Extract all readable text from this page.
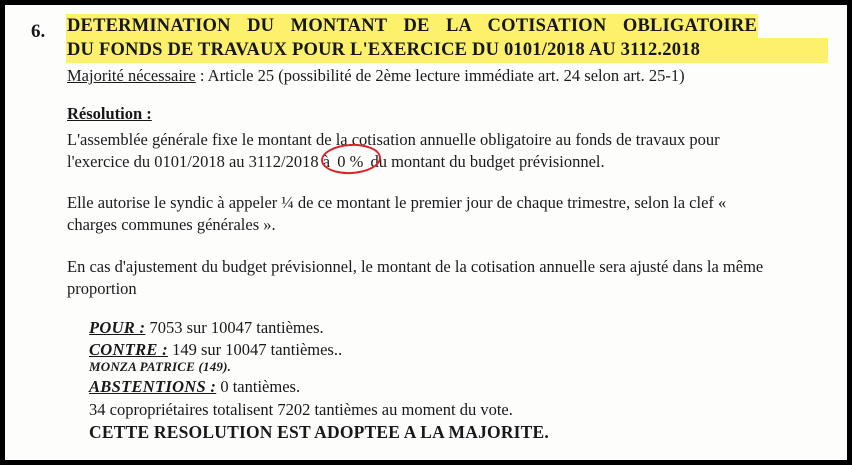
6.	DETERMINATION DU MONTANT DE LA COTISATION OBLIGATOIRE
DU FONDS DE TRAVAUX POUR L'EXERCICE DU 0101/2018 AU 3112.2018
Majorité nécessaire : Article 25 (possibilité de 2ème lecture immédiate art. 24 selon art. 25-1)
Résolution :

L'assemblée générale fixe le montant de la cotisation annuelle obligatoire au fonds de travaux pour l'exercice du 0101/2018 au 3112/2018 à 0 % du montant du budget prévisionnel.

Elle autorise le syndic à appeler ¼ de ce montant le premier jour de chaque trimestre, selon la clef « charges communes générales ».

En cas d'ajustement du budget prévisionnel, le montant de la cotisation annuelle sera ajusté dans la même proportion

POUR : 7053 sur 10047 tantièmes.
CONTRE : 149 sur 10047 tantièmes..
MONZA PATRICE (149).
ABSTENTIONS : 0 tantièmes.
34 copropriétaires totalisent 7202 tantièmes au moment du vote.
CETTE RESOLUTION EST ADOPTEE A LA MAJORITE.
